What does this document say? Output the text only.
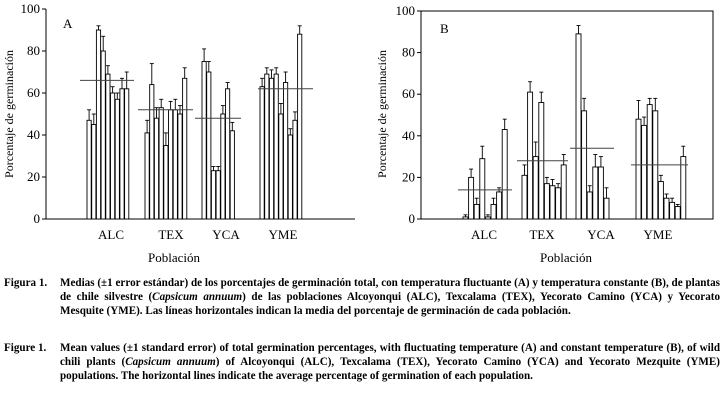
0
20
40
60
80
100
Porcentaje de germinación
A
ALC	TEX YCA YME
Población
0
20
40
60
80
100
Porcentaje de germinación
B
ALC TEX	YCA YME
Población
Figura 1. Medias (±1 error estándar) de los porcentajes de germinación total, con temperatura fluctuante (A) y temperatura constante (B), de plantas de chile silvestre (Capsicum annuum) de las poblaciones Alcoyonqui (ALC), Texcalama (TEX), Yecorato Camino (YCA) y Yecorato Mesquite (YME). Las líneas horizontales indican la media del porcentaje de germinación de cada población.
Figure 1. Mean values (±1 standard error) of total germination percentages, with fluctuating temperature (A) and constant temperature (B), of wild chili plants (Capsicum annuum) of Alcoyonqui (ALC), Texcalama (TEX), Yecorato Camino (YCA) and Yecorato Mezquite (YME) populations. The horizontal lines indicate the average percentage of germination of each population.
